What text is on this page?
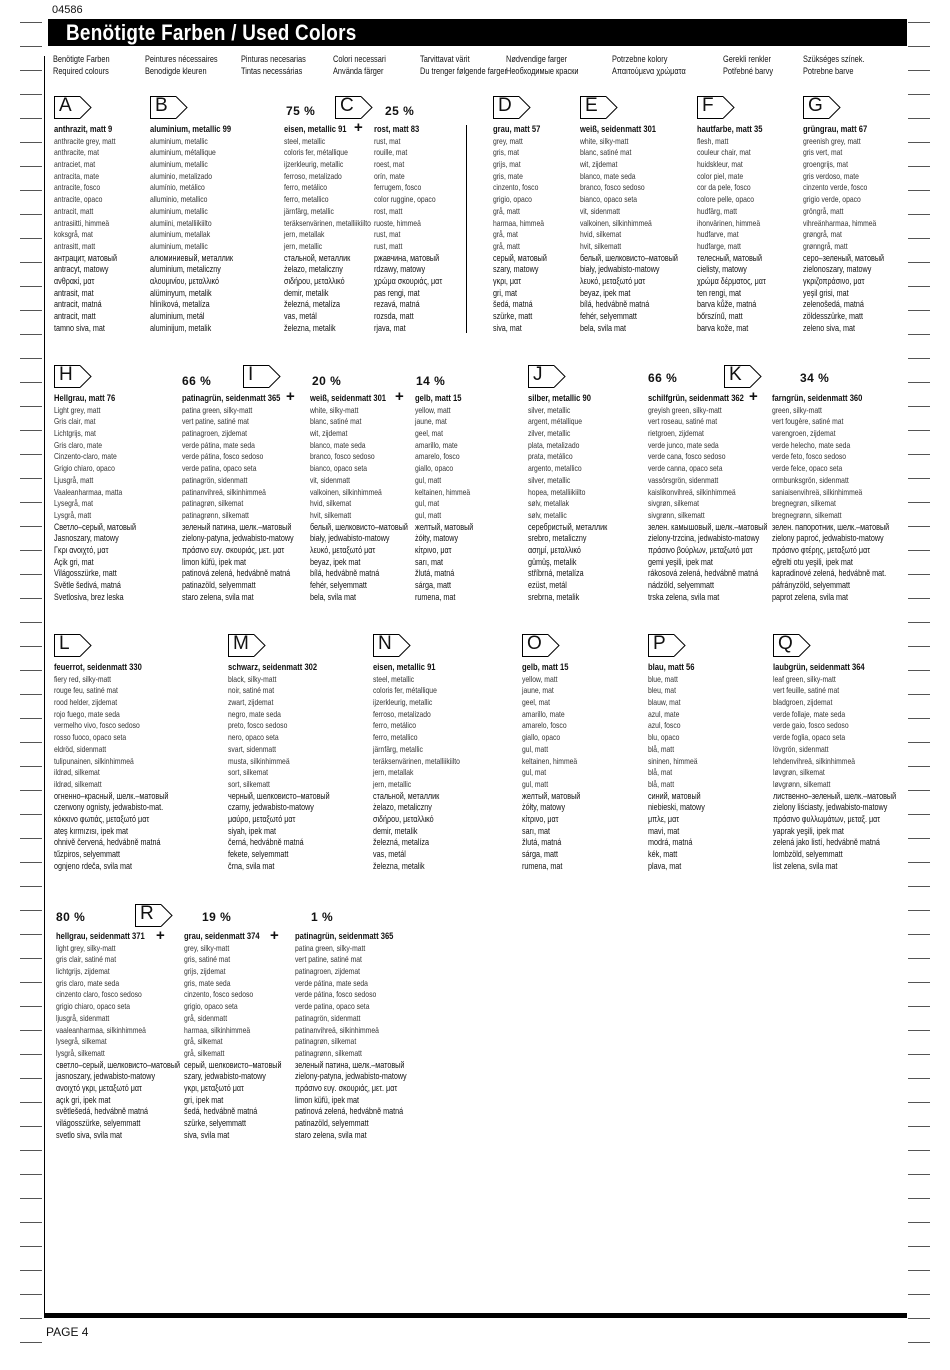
04586
Benötigte Farben / Used Colors
Benötigte Farben
Required colours
Peintures nécessaires
Benodigde kleuren
Pinturas necesarias
Tintas necessárias
Colori necessari
Använda färger
Tarvittavat värit
Du trenger følgende farger
Nødvendige farger
Необходимые краски
Potrzebne kolory
Απαιτούμενα χρώματα
Gerekli renkler
Potřebné barvy
Szükséges színek.
Potrebne barve
PAGE 4
A	B	C	D	E	F	G
H	I	J	K
L	M	N	O	P	Q
R
75 %	25 %
66 %	20 %	14 %	66 %	34 %
80 %	19 %	1 %
+
+	+	+
+	+
anthrazit, matt 9
anthracite grey, matt
anthracite, mat
antraciet, mat
antracita, mate
antracite, fosco
antracite, opaco
antracit, matt
antrasiitti, himmeä
koksgrå, mat
antrasitt, matt
антрацит, матовый
antracyt, matowy
ανθρακί, ματ
antrasit, mat
antracit, matná
antracit, matt
tamno siva, mat
aluminium, metallic 99
aluminium, metallic
aluminium, métallique
aluminium, metallic
aluminio, metalizado
alumínio, metálico
alluminio, metallico
aluminium, metallic
alumiini, metalliikiilto
aluminium, metallak
aluminium, metallic
алюминиевый, металлик
aluminium, metaliczny
αλουμινίου, μεταλλικό
alüminyum, metalik
hliníková, metalíza
aluminium, metál
aluminijum, metalik
eisen, metallic 91
steel, metallic
coloris fer, métallique
ijzerkleurig, metallic
ferroso, metalizado
ferro, metálico
ferro, metallico
järnfärg, metallic
teräksenvärinen, metalliikiilto
jern, metallak
jern, metallic
стальной, металлик
żelazo, metaliczny
σιδήρου, μεταλλικό
demir, metalik
železná, metalíza
vas, metál
železna, metalik
rost, matt 83
rust, mat
rouille, mat
roest, mat
orín, mate
ferrugem, fosco
color ruggine, opaco
rost, matt
ruoste, himmeä
rust, mat
rust, matt
ржавчина, матовый
rdzawy, matowy
χρώμα σκουριάς, ματ
pas rengi, mat
rezavá, matná
rozsda, matt
rjava, mat
grau, matt 57
grey, matt
gris, mat
grijs, mat
gris, mate
cinzento, fosco
grigio, opaco
grå, matt
harmaa, himmeä
grå, mat
grå, matt
серый, матовый
szary, matowy
γκρι, ματ
gri, mat
šedá, matná
szürke, matt
siva, mat
weiß, seidenmatt 301
white, silky-matt
blanc, satiné mat
wit, zijdemat
blanco, mate seda
branco, fosco sedoso
bianco, opaco seta
vit, sidenmatt
valkoinen, silkinhimmeä
hvid, silkemat
hvit, silkematt
белый, шелковисто–матовый
biały, jedwabisto-matowy
λευκό, μεταξωτό ματ
beyaz, ipek mat
bílá, hedvábně matná
fehér, selyemmatt
bela, svila mat
hautfarbe, matt 35
flesh, matt
couleur chair, mat
huidskleur, mat
color piel, mate
cor da pele, fosco
colore pelle, opaco
hudfärg, matt
ihonvärinen, himmeä
hudfarve, mat
hudfarge, matt
телесный, матовый
cielisty, matowy
χρώμα δέρματος, ματ
ten rengi, mat
barva kůže, matná
bőrszínű, matt
barva kože, mat
grüngrau, matt 67
greenish grey, matt
gris vert, mat
groengrijs, mat
gris verdoso, mate
cinzento verde, fosco
grigio verde, opaco
gröngrå, matt
vihreänharmaa, himmeä
grøngrå, mat
grønngrå, matt
серо–зеленый, матовый
zielonoszary, matowy
γκριζοπράσινο, ματ
yeşil grisi, mat
zelenošedá, matná
zöldesszürke, matt
zeleno siva, mat
Hellgrau, matt 76
Light grey, matt
Gris clair, mat
Lichtgrijs, mat
Gris claro, mate
Cinzento-claro, mate
Grigio chiaro, opaco
Ljusgrå, matt
Vaaleanharmaa, matta
Lysegrå, mat
Lysgrå, matt
Светло–серый, матовый
Jasnoszary, matowy
Γκρι ανοιχτό, ματ
Açik gri, mat
Világosszürke, matt
Světle šedivá, matná
Svetlosiva, brez leska
patinagrün, seidenmatt 365
patina green, silky-matt
vert patine, satiné mat
patinagroen, zijdemat
verde pátina, mate seda
verde pátina, fosco sedoso
verde patina, opaco seta
patinagrön, sidenmatt
patinanvihreä, silkinhimmeä
patinagrøn, silkemat
patinagrønn, silkematt
зеленый патина, шелк.–матовый
zielony-patyna, jedwabisto-matowy
πράσινο ευγ. σκουριάς, μετ. ματ
limon küfü, ipek mat
patinová zelená, hedvábně matná
patinazöld, selyemmatt
staro zelena, svila mat
weiß, seidenmatt 301
white, silky-matt
blanc, satiné mat
wit, zijdemat
blanco, mate seda
branco, fosco sedoso
bianco, opaco seta
vit, sidenmatt
valkoinen, silkinhimmeä
hvid, silkemat
hvit, silkematt
белый, шелковисто–матовый
biały, jedwabisto-matowy
λευκό, μεταξωτό ματ
beyaz, ipek mat
bílá, hedvábně matná
fehér, selyemmatt
bela, svila mat
gelb, matt 15
yellow, matt
jaune, mat
geel, mat
amarillo, mate
amarelo, fosco
giallo, opaco
gul, matt
keltainen, himmeä
gul, mat
gul, matt
желтый, матовый
żółty, matowy
κίτρινο, ματ
sarı, mat
žlutá, matná
sárga, matt
rumena, mat
silber, metallic 90
silver, metallic
argent, métallique
zilver, metallic
plata, metalizado
prata, metálico
argento, metallico
silver, metallic
hopea, metalliikiilto
sølv, metallak
sølv, metallic
серебристый, металлик
srebro, metaliczny
ασημί, μεταλλικό
gümüş, metalik
stříbrná, metalíza
ezüst, metál
srebrna, metalik
schilfgrün, seidenmatt 362
greyish green, silky-matt
vert roseau, satiné mat
rietgroen, zijdemat
verde junco, mate seda
verde cana, fosco sedoso
verde canna, opaco seta
vassörsgrön, sidenmatt
kaislikonvihreä, silkinhimmeä
sivgrøn, silkemat
sivgrønn, silkematt
зелен. камышовый, шелк.–матовый
zielony-trzcina, jedwabisto-matowy
πράσινο βούρλων, μεταξωτό ματ
gemi yeşili, ipek mat
rákosová zelená, hedvábně matná
nádzöld, selyemmatt
trska zelena, svila mat
farngrün, seidenmatt 360
green, silky-matt
vert fougère, satiné mat
varengroen, zijdemat
verde helecho, mate seda
verde feto, fosco sedoso
verde felce, opaco seta
ormbunksgrön, sidenmatt
saniaisenvihreä, silkinhimmeä
bregnegrøn, silkemat
bregnegrønn, silkematt
зелен. папоротник, шелк.–матовый
zielony paproć, jedwabisto-matowy
πράσινο φτέρης, μεταξωτό ματ
eğrelti otu yeşili, ipek mat
kapradinové zelená, hedvábně mat.
páfrányzöld, selyemmatt
paprot zelena, svila mat
feuerrot, seidenmatt 330
fiery red, silky-matt
rouge feu, satiné mat
rood helder, zijdemat
rojo fuego, mate seda
vermelho vivo, fosco sedoso
rosso fuoco, opaco seta
eldröd, sidenmatt
tulipunainen, silkinhimmeä
ildrød, silkemat
ildrød, silkematt
огненно–красный, шелк.–матовый
czerwony ognisty, jedwabisto-mat.
κόκκινο φωτιάς, μεταξωτό ματ
ateş kırmızısı, ipek mat
ohnivě červená, hedvábně matná
tűzpiros, selyemmatt
ognjeno rdeča, svila mat
schwarz, seidenmatt 302
black, silky-matt
noir, satiné mat
zwart, zijdemat
negro, mate seda
preto, fosco sedoso
nero, opaco seta
svart, sidenmatt
musta, silkinhimmeä
sort, silkemat
sort, silkematt
черный, шелковисто–матовый
czarny, jedwabisto-matowy
μαύρο, μεταξωτό ματ
siyah, ipek mat
černá, hedvábně matná
fekete, selyemmatt
črna, svila mat
eisen, metallic 91
steel, metallic
coloris fer, métallique
ijzerkleurig, metallic
ferroso, metalizado
ferro, metálico
ferro, metallico
järnfärg, metallic
teräksenvärinen, metalliikiilto
jern, metallak
jern, metallic
стальной, металлик
żelazo, metaliczny
σιδήρου, μεταλλικό
demir, metalik
železná, metalíza
vas, metál
železna, metalik
gelb, matt 15
yellow, matt
jaune, mat
geel, mat
amarillo, mate
amarelo, fosco
giallo, opaco
gul, matt
keltainen, himmeä
gul, mat
gul, matt
желтый, матовый
żółty, matowy
κίτρινο, ματ
sarı, mat
žlutá, matná
sárga, matt
rumena, mat
blau, matt 56
blue, matt
bleu, mat
blauw, mat
azul, mate
azul, fosco
blu, opaco
blå, matt
sininen, himmeä
blå, mat
blå, matt
синий, матовый
niebieski, matowy
μπλε, ματ
mavi, mat
modrá, matná
kék, matt
plava, mat
laubgrün, seidenmatt 364
leaf green, silky-matt
vert feuille, satiné mat
bladgroen, zijdemat
verde follaje, mate seda
verde gaio, fosco sedoso
verde foglia, opaco seta
lövgrön, sidenmatt
lehdenvihreä, silkinhimmeä
løvgrøn, silkemat
løvgrønn, silkematt
лиственно–зеленый, шелк.–матовый
zielony liściasty, jedwabisto-matowy
πράσινο φυλλωμάτων, μεταξ. ματ
yaprak yeşili, ipek mat
zelená jako listí, hedvábně matná
lombzöld, selyemmatt
list zelena, svila mat
hellgrau, seidenmatt 371
light grey, silky-matt
gris clair, satiné mat
lichtgrijs, zijdemat
gris claro, mate seda
cinzento claro, fosco sedoso
grigio chiaro, opaco seta
ljusgrå, sidenmatt
vaaleanharmaa, silkinhimmeä
lysegrå, silkemat
lysgrå, silkematt
светло–серый, шелковисто–матовый
jasnoszary, jedwabisto-matowy
ανοιχτό γκρι, μεταξωτό ματ
açık gri, ipek mat
světlešedá, hedvábně matná
világosszürke, selyemmatt
svetlo siva, svila mat
grau, seidenmatt 374
grey, silky-matt
gris, satiné mat
grijs, zijdemat
gris, mate seda
cinzento, fosco sedoso
grigio, opaco seta
grå, sidenmatt
harmaa, silkinhimmeä
grå, silkemat
grå, silkematt
серый, шелковисто–матовый
szary, jedwabisto-matowy
γκρι, μεταξωτό ματ
gri, ipek mat
šedá, hedvábně matná
szürke, selyemmatt
siva, svila mat
patinagrün, seidenmatt 365
patina green, silky-matt
vert patine, satiné mat
patinagroen, zijdemat
verde pátina, mate seda
verde pátina, fosco sedoso
verde patina, opaco seta
patinagrön, sidenmatt
patinanvihreä, silkinhimmeä
patinagrøn, silkemat
patinagrønn, silkematt
зеленый патина, шелк.–матовый
zielony-patyna, jedwabisto-matowy
πράσινο ευγ. σκουριάς, μετ. ματ
limon küfü, ipek mat
patinová zelená, hedvábně matná
patinazöld, selyemmatt
staro zelena, svila mat
